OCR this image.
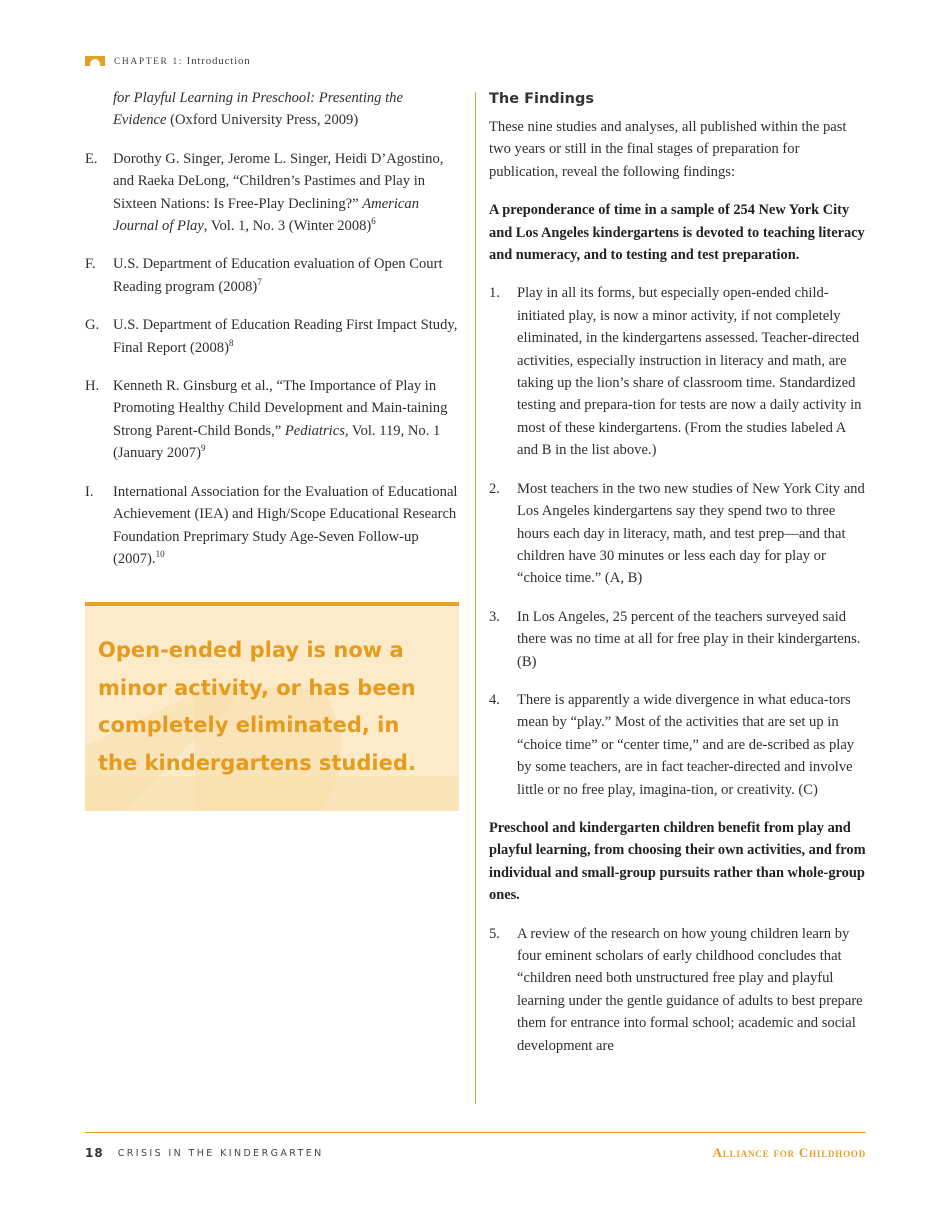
CHAPTER 1: Introduction
for Playful Learning in Preschool: Presenting the Evidence (Oxford University Press, 2009)
E. Dorothy G. Singer, Jerome L. Singer, Heidi D’Agostino, and Raeka DeLong, “Children’s Pastimes and Play in Sixteen Nations: Is Free-Play Declining?” American Journal of Play, Vol. 1, No. 3 (Winter 2008)$^6$
F. U.S. Department of Education evaluation of Open Court Reading program $(2008)^7$
G. U.S. Department of Education Reading First Impact Study, Final Report $(2008)^8$
H. Kenneth R. Ginsburg et al., “The Importance of Play in Promoting Healthy Child Development and Main-taining Strong Parent-Child Bonds,” Pediatrics, Vol. 119, No. 1 (January 2007)$^9$
I. International Association for the Evaluation of Educational Achievement (IEA) and High/Scope Educational Research Foundation Preprimary Study Age-Seven Follow-up (2007).$^{10}$
Open-ended play is now a minor activity, or has been completely eliminated, in the kindergartens studied.
The Findings

These nine studies and analyses, all published within the past two years or still in the final stages of preparation for publication, reveal the following findings:

A preponderance of time in a sample of 254 New York City and Los Angeles kindergartens is devoted to teaching literacy and numeracy, and to testing and test preparation.

1. Play in all its forms, but especially open-ended child-initiated play, is now a minor activity, if not completely eliminated, in the kindergartens assessed. Teacher-directed activities, especially instruction in literacy and math, are taking up the lion’s share of classroom time. Standardized testing and prepara-tion for tests are now a daily activity in most of these kindergartens. (From the studies labeled A and B in the list above.)
2. Most teachers in the two new studies of New York City and Los Angeles kindergartens say they spend two to three hours each day in literacy, math, and test prep—and that children have 30 minutes or less each day for play or “choice time.” (A, B)
3. In Los Angeles, 25 percent of the teachers surveyed said there was no time at all for free play in their kindergartens. (B)
4. There is apparently a wide divergence in what educa-tors mean by “play.” Most of the activities that are set up in “choice time” or “center time,” and are de-scribed as play by some teachers, are in fact teacher-directed and involve little or no free play, imagina-tion, or creativity. (C)

Preschool and kindergarten children benefit from play and playful learning, from choosing their own activities, and from individual and small-group pursuits rather than whole-group ones.

5. A review of the research on how young children learn by four eminent scholars of early childhood concludes that “children need both unstructured free play and playful learning under the gentle guidance of adults to best prepare them for entrance into formal school; academic and social development are
18 CRISIS IN THE KINDERGARTEN	Alliance for Childhood
